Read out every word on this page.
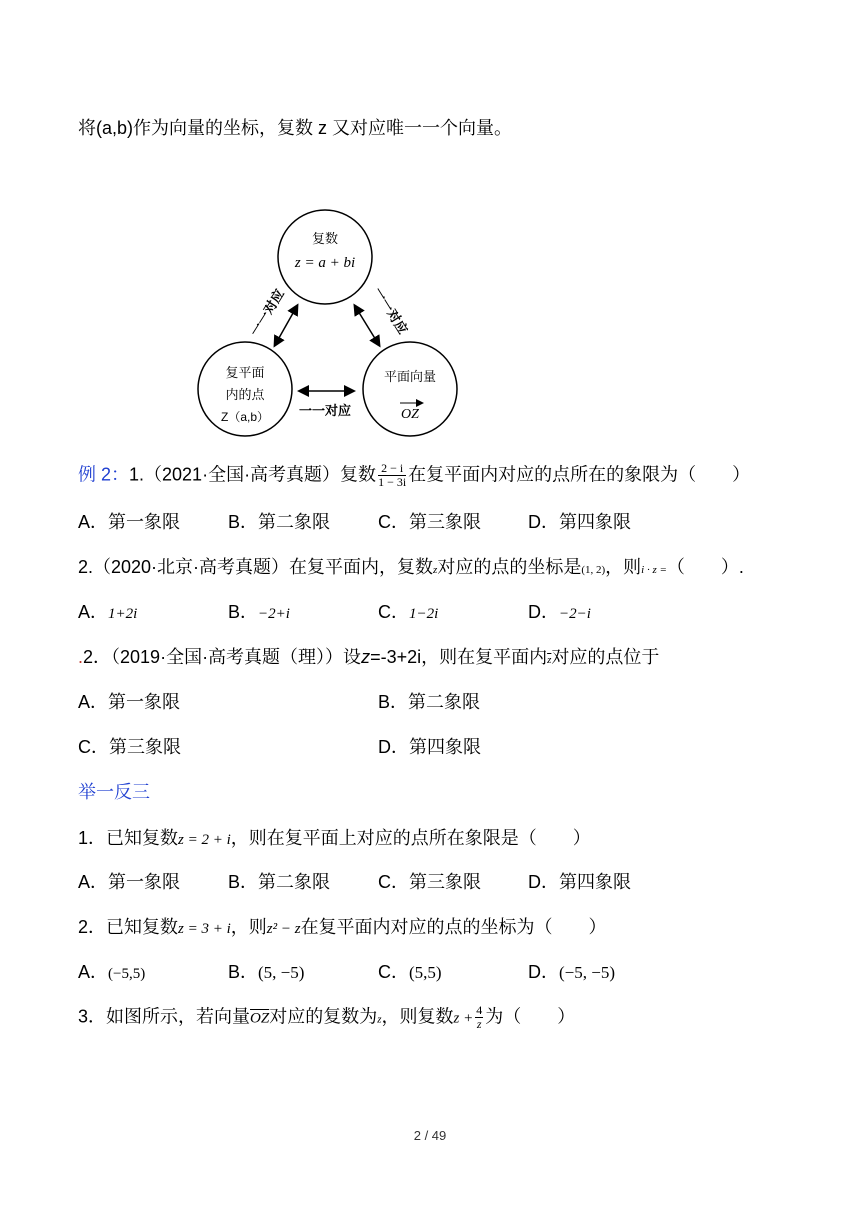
将(a,b)作为向量的坐标，复数 z 又对应唯一一个向量。
复数
z = a + bi
复平面
内的点
Z（a,b）
平面向量
OZ
一一对应	一一对应
一一对应
例 2：1.（2021·全国·高考真题）复数 $\frac{2 - i}{1 - 3i}$ 在复平面内对应的点所在的象限为（　　）
A．第一象限	B．第二象限	C．第三象限	D．第四象限
2.（2020·北京·高考真题）在复平面内，复数z对应的点的坐标是(1, 2)，则i · z =（　　）.
A．1+2i	B．−2+i	C．1−2i	D．−2−i
.2．（2019·全国·高考真题（理））设z=-3+2i，则在复平面内$\overline{z}$对应的点位于
A．第一象限	B．第二象限
C．第三象限	D．第四象限
举一反三
1．已知复数z = 2 + i，则在复平面上对应的点所在象限是（　　）
A．第一象限	B．第二象限	C．第三象限	D．第四象限
2．已知复数z = 3 + i，则z² − z在复平面内对应的点的坐标为（　　）
A．(−5,5)	B．(5, −5)	C．(5,5)	D．(−5, −5)
3．如图所示，若向量$\overline{OZ}$对应的复数为z，则复数$z + \frac{4}{z}$ 为（　　）
2 / 49
